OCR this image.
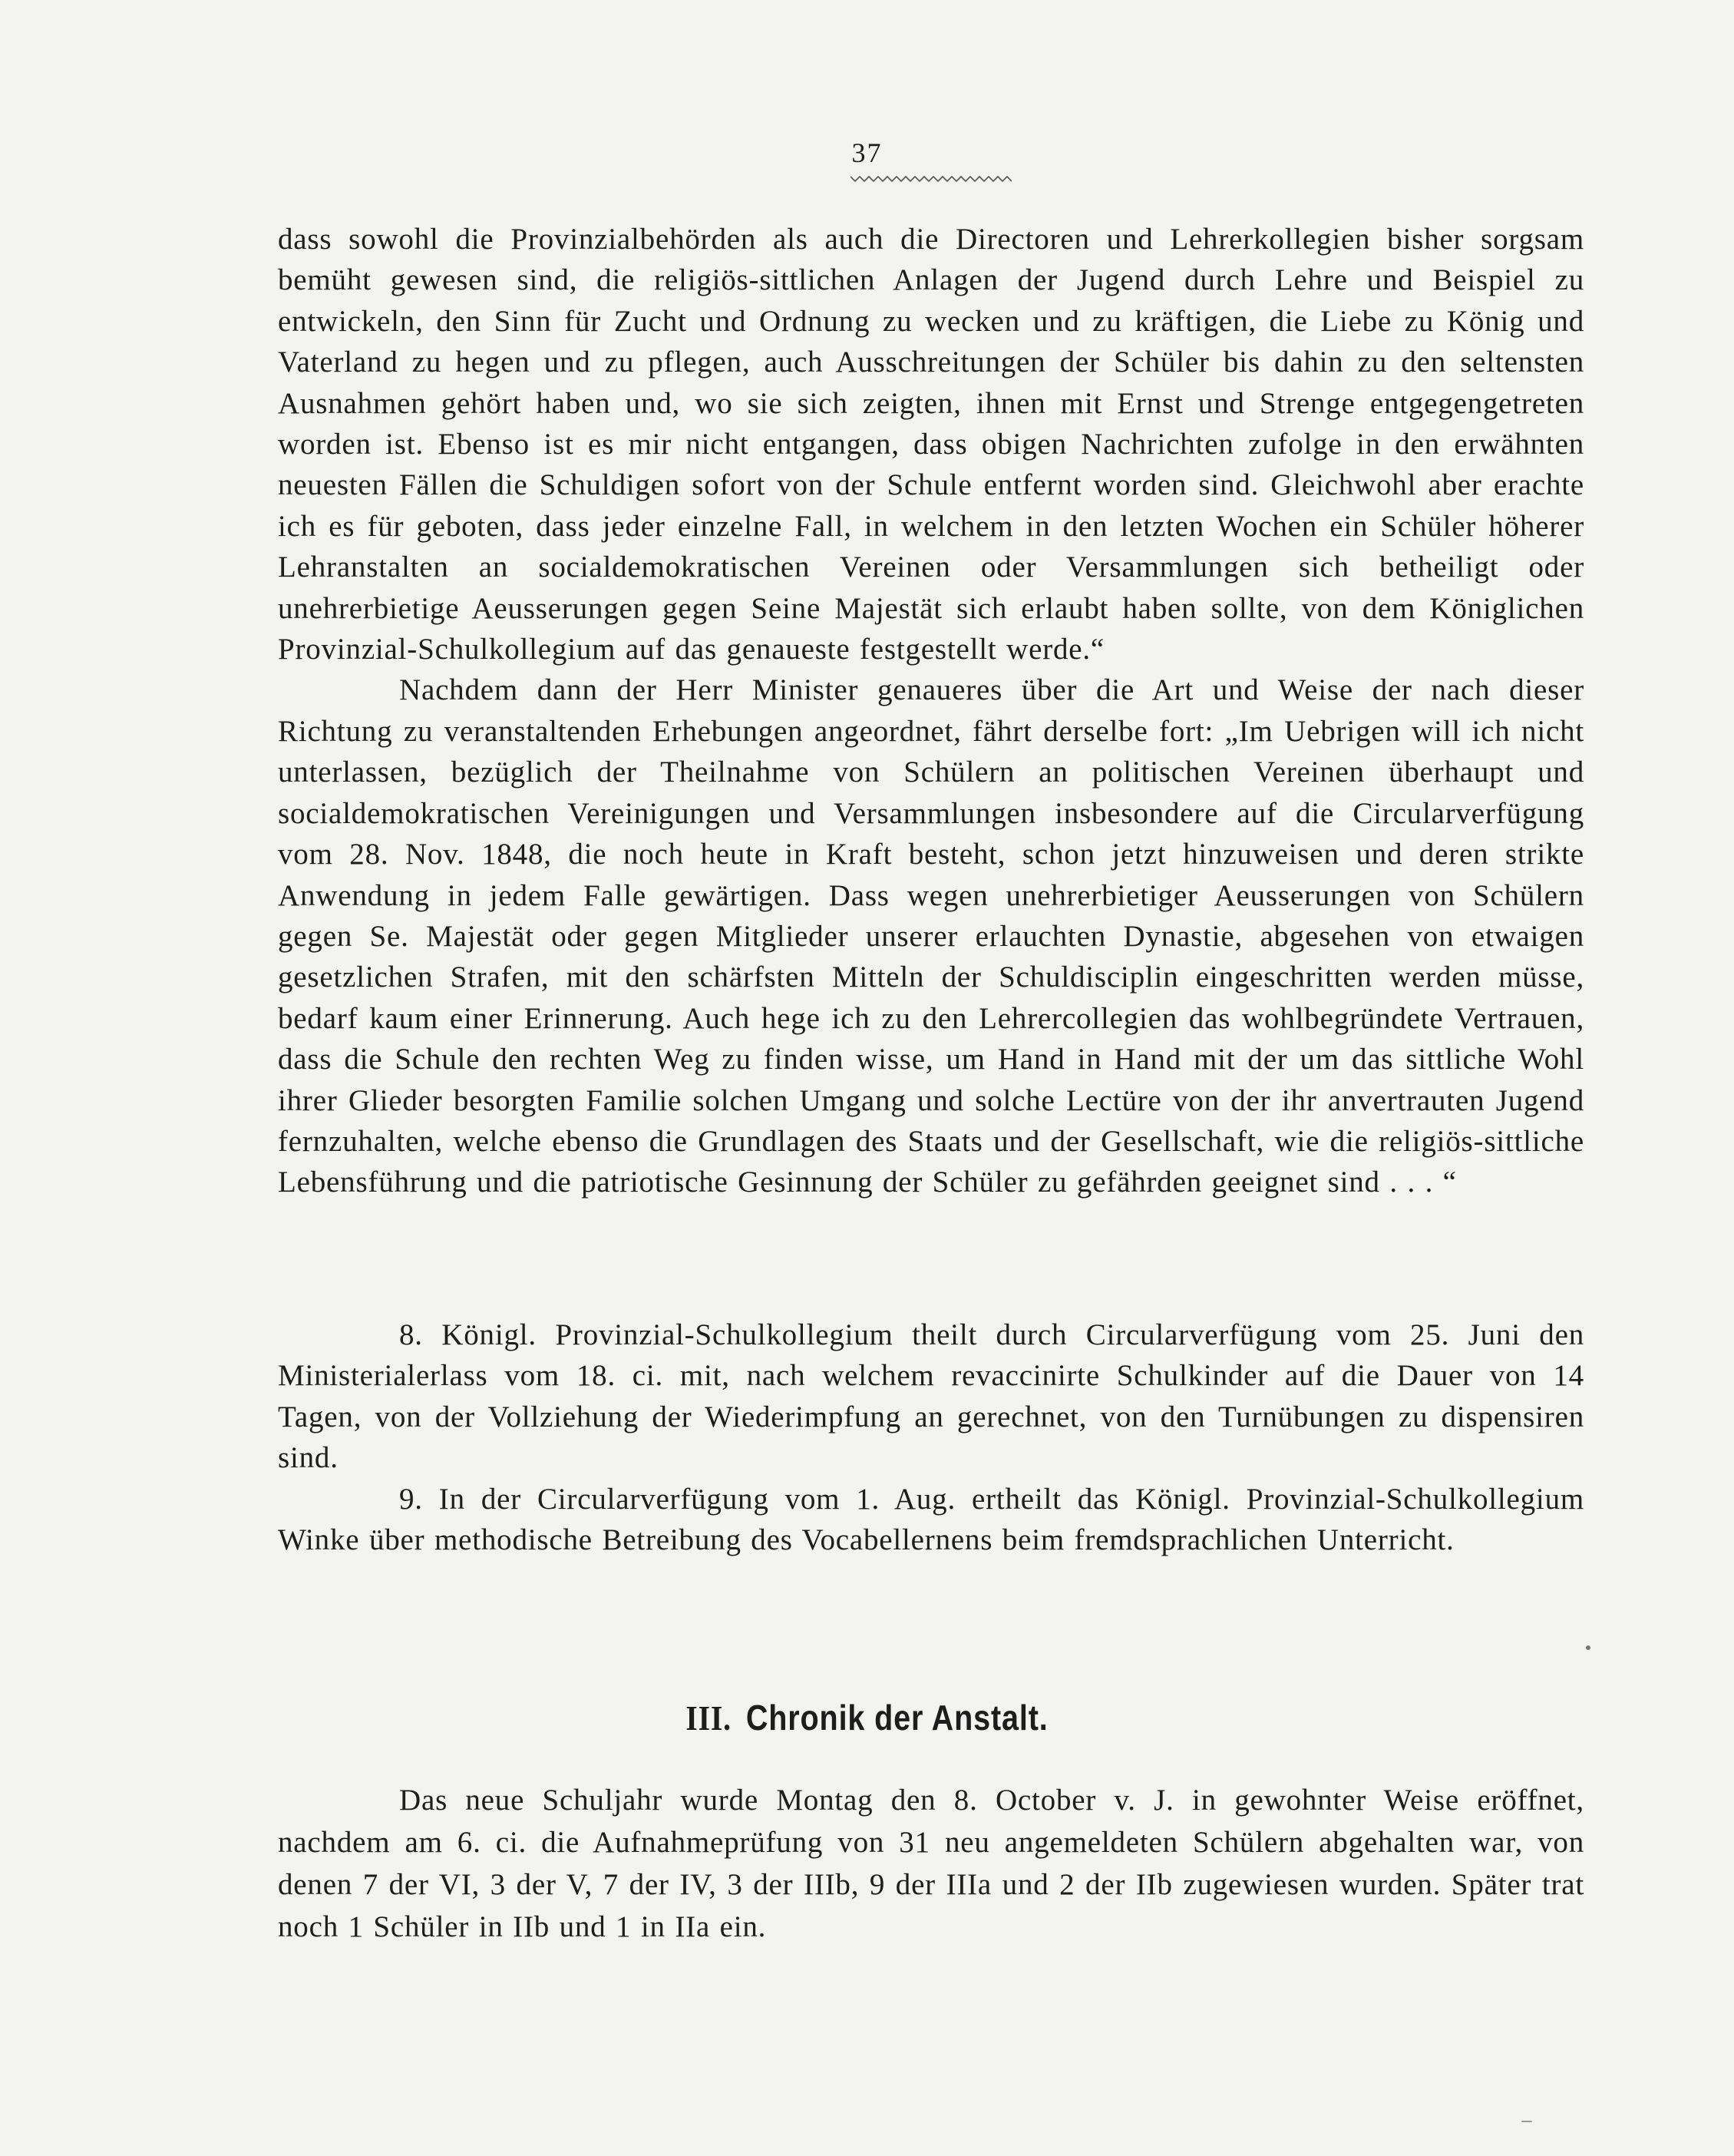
37

dass sowohl die Provinzialbehörden als auch die Directoren und Lehrerkollegien bisher sorgsam bemüht gewesen sind, die religiös-sittlichen Anlagen der Jugend durch Lehre und Beispiel zu entwickeln, den Sinn für Zucht und Ordnung zu wecken und zu kräftigen, die Liebe zu König und Vaterland zu hegen und zu pflegen, auch Ausschreitungen der Schüler bis dahin zu den seltensten Ausnahmen gehört haben und, wo sie sich zeigten, ihnen mit Ernst und Strenge entgegengetreten worden ist. Ebenso ist es mir nicht entgangen, dass obigen Nachrichten zufolge in den erwähnten neuesten Fällen die Schuldigen sofort von der Schule entfernt worden sind. Gleichwohl aber erachte ich es für geboten, dass jeder einzelne Fall, in welchem in den letzten Wochen ein Schüler höherer Lehranstalten an socialdemokratischen Vereinen oder Versammlungen sich betheiligt oder unehrerbietige Aeusserungen gegen Seine Majestät sich erlaubt haben sollte, von dem Königlichen Provinzial-Schulkollegium auf das genaueste festgestellt werde.“

Nachdem dann der Herr Minister genaueres über die Art und Weise der nach dieser Richtung zu veranstaltenden Erhebungen angeordnet, fährt derselbe fort: „Im Uebrigen will ich nicht unterlassen, bezüglich der Theilnahme von Schülern an politischen Vereinen überhaupt und socialdemokratischen Vereinigungen und Versammlungen insbesondere auf die Circularverfügung vom 28. Nov. 1848, die noch heute in Kraft besteht, schon jetzt hinzuweisen und deren strikte Anwendung in jedem Falle gewärtigen. Dass wegen unehrerbietiger Aeusserungen von Schülern gegen Se. Majestät oder gegen Mitglieder unserer erlauchten Dynastie, abgesehen von etwaigen gesetzlichen Strafen, mit den schärfsten Mitteln der Schuldisciplin eingeschritten werden müsse, bedarf kaum einer Erinnerung. Auch hege ich zu den Lehrercollegien das wohlbegründete Vertrauen, dass die Schule den rechten Weg zu finden wisse, um Hand in Hand mit der um das sittliche Wohl ihrer Glieder besorgten Familie solchen Umgang und solche Lectüre von der ihr anvertrauten Jugend fernzuhalten, welche ebenso die Grundlagen des Staats und der Gesellschaft, wie die religiös-sittliche Lebensführung und die patriotische Gesinnung der Schüler zu gefährden geeignet sind . . . “

8. Königl. Provinzial-Schulkollegium theilt durch Circularverfügung vom 25. Juni den Ministerialerlass vom 18. ci. mit, nach welchem revaccinirte Schulkinder auf die Dauer von 14 Tagen, von der Vollziehung der Wiederimpfung an gerechnet, von den Turnübungen zu dispensiren sind.

9. In der Circularverfügung vom 1. Aug. ertheilt das Königl. Provinzial-Schulkollegium Winke über methodische Betreibung des Vocabellernens beim fremdsprachlichen Unterricht.

III. Chronik der Anstalt.

Das neue Schuljahr wurde Montag den 8. October v. J. in gewohnter Weise eröffnet, nachdem am 6. ci. die Aufnahmeprüfung von 31 neu angemeldeten Schülern abgehalten war, von denen 7 der VI, 3 der V, 7 der IV, 3 der IIIb, 9 der IIIa und 2 der IIb zugewiesen wurden. Später trat noch 1 Schüler in IIb und 1 in IIa ein.
